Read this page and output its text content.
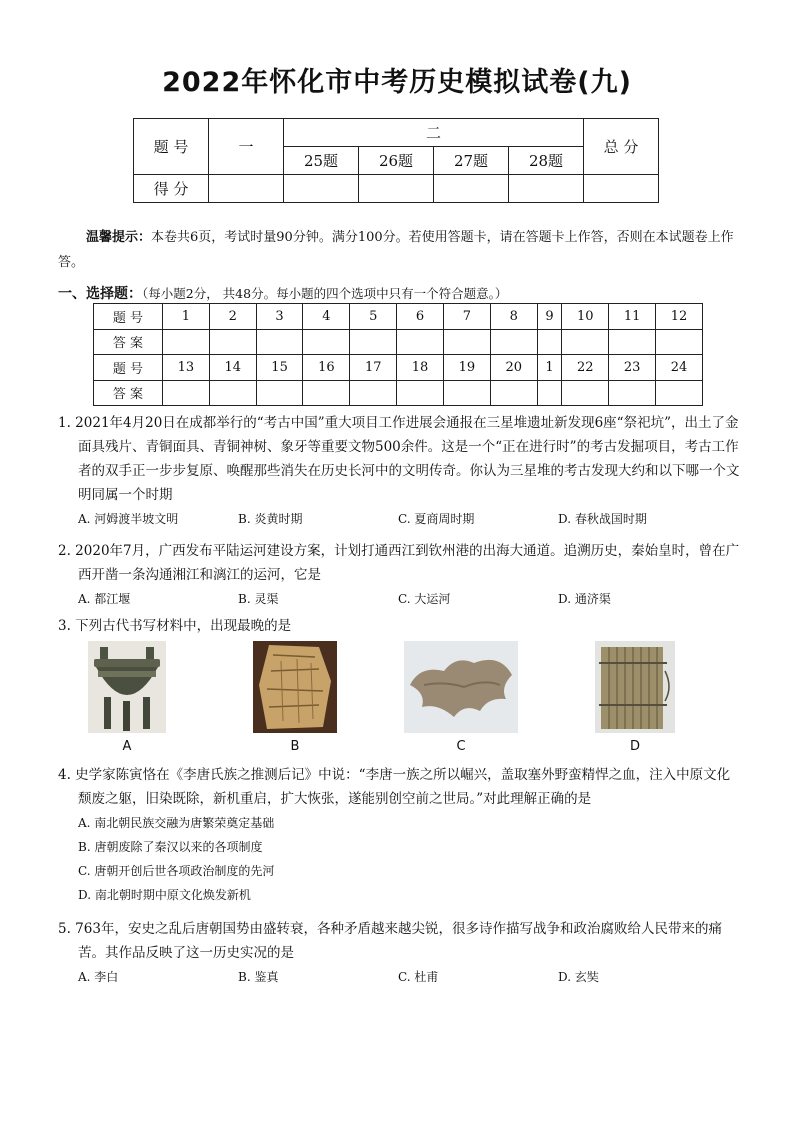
2022年怀化市中考历史模拟试卷(九)
题 号	一	二				总 分
		25题	26题	27题	28题	
得 分						

温馨提示：本卷共6页，考试时量90分钟。满分100分。若使用答题卡，请在答题卡上作答，否则在本试题卷上作答。

一、选择题：（每小题2分， 共48分。每小题的四个选项中只有一个符合题意。）

题 号	1	2	3	4	5	6	7	8	9	10	11	12
答 案												
题 号	13	14	15	16	17	18	19	20	1	22	23	24
答 案												
1. 2021年4月20日在成都举行的“考古中国”重大项目工作进展会通报在三星堆遗址新发现6座“祭祀坑”，出土了金面具残片、青铜面具、青铜神树、象牙等重要文物500余件。这是一个“正在进行时”的考古发掘项目，考古工作者的双手正一步步复原、唤醒那些消失在历史长河中的文明传奇。你认为三星堆的考古发现大约和以下哪一个文明同属一个时期
A. 河姆渡半坡文明	B. 炎黄时期	C. 夏商周时期	D. 春秋战国时期
2. 2020年7月，广西发布平陆运河建设方案，计划打通西江到钦州港的出海大通道。追溯历史，秦始皇时，曾在广西开凿一条沟通湘江和漓江的运河，它是
A. 都江堰	B. 灵渠	C. 大运河	D. 通济渠
3. 下列古代书写材料中，出现最晚的是
A	B	C	D
4. 史学家陈寅恪在《李唐氏族之推测后记》中说：“李唐一族之所以崛兴，盖取塞外野蛮精悍之血，注入中原文化颓废之躯，旧染既除，新机重启，扩大恢张，遂能别创空前之世局。”对此理解正确的是
A. 南北朝民族交融为唐繁荣奠定基础
B. 唐朝废除了秦汉以来的各项制度
C. 唐朝开创后世各项政治制度的先河
D. 南北朝时期中原文化焕发新机
5. 763年，安史之乱后唐朝国势由盛转衰，各种矛盾越来越尖锐，很多诗作描写战争和政治腐败给人民带来的痛苦。其作品反映了这一历史实况的是
A. 李白	B. 鉴真	C. 杜甫	D. 玄奘
